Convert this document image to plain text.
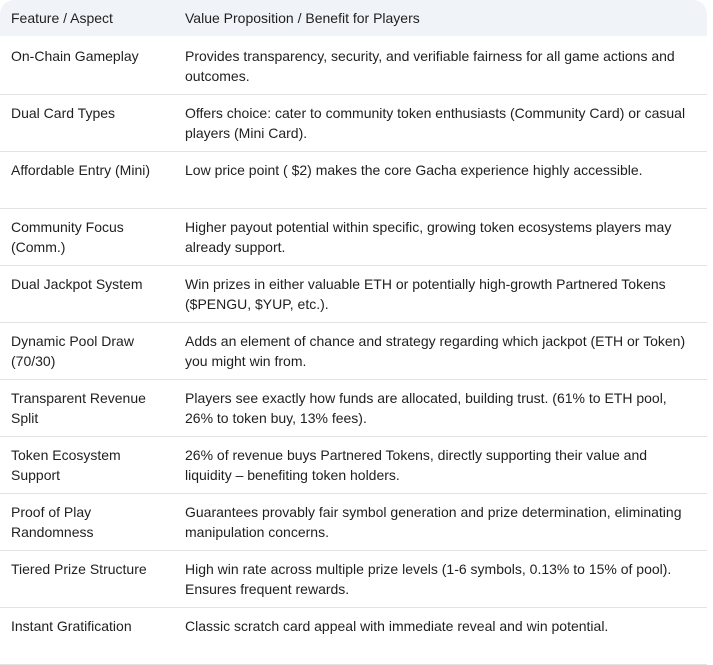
Feature / Aspect	Value Proposition / Benefit for Players
On-Chain Gameplay	Provides transparency, security, and verifiable fairness for all game actions and outcomes.
Dual Card Types	Offers choice: cater to community token enthusiasts (Community Card) or casual players (Mini Card).
Affordable Entry (Mini)	Low price point ( $2) makes the core Gacha experience highly accessible.
Community Focus (Comm.)	Higher payout potential within specific, growing token ecosystems players may already support.
Dual Jackpot System	Win prizes in either valuable ETH or potentially high-growth Partnered Tokens ($PENGU, $YUP, etc.).
Dynamic Pool Draw (70/30)	Adds an element of chance and strategy regarding which jackpot (ETH or Token) you might win from.
Transparent Revenue Split	Players see exactly how funds are allocated, building trust. (61% to ETH pool, 26% to token buy, 13% fees).
Token Ecosystem Support	26% of revenue buys Partnered Tokens, directly supporting their value and liquidity – benefiting token holders.
Proof of Play Randomness	Guarantees provably fair symbol generation and prize determination, eliminating manipulation concerns.
Tiered Prize Structure	High win rate across multiple prize levels (1-6 symbols, 0.13% to 15% of pool). Ensures frequent rewards.
Instant Gratification	Classic scratch card appeal with immediate reveal and win potential.
